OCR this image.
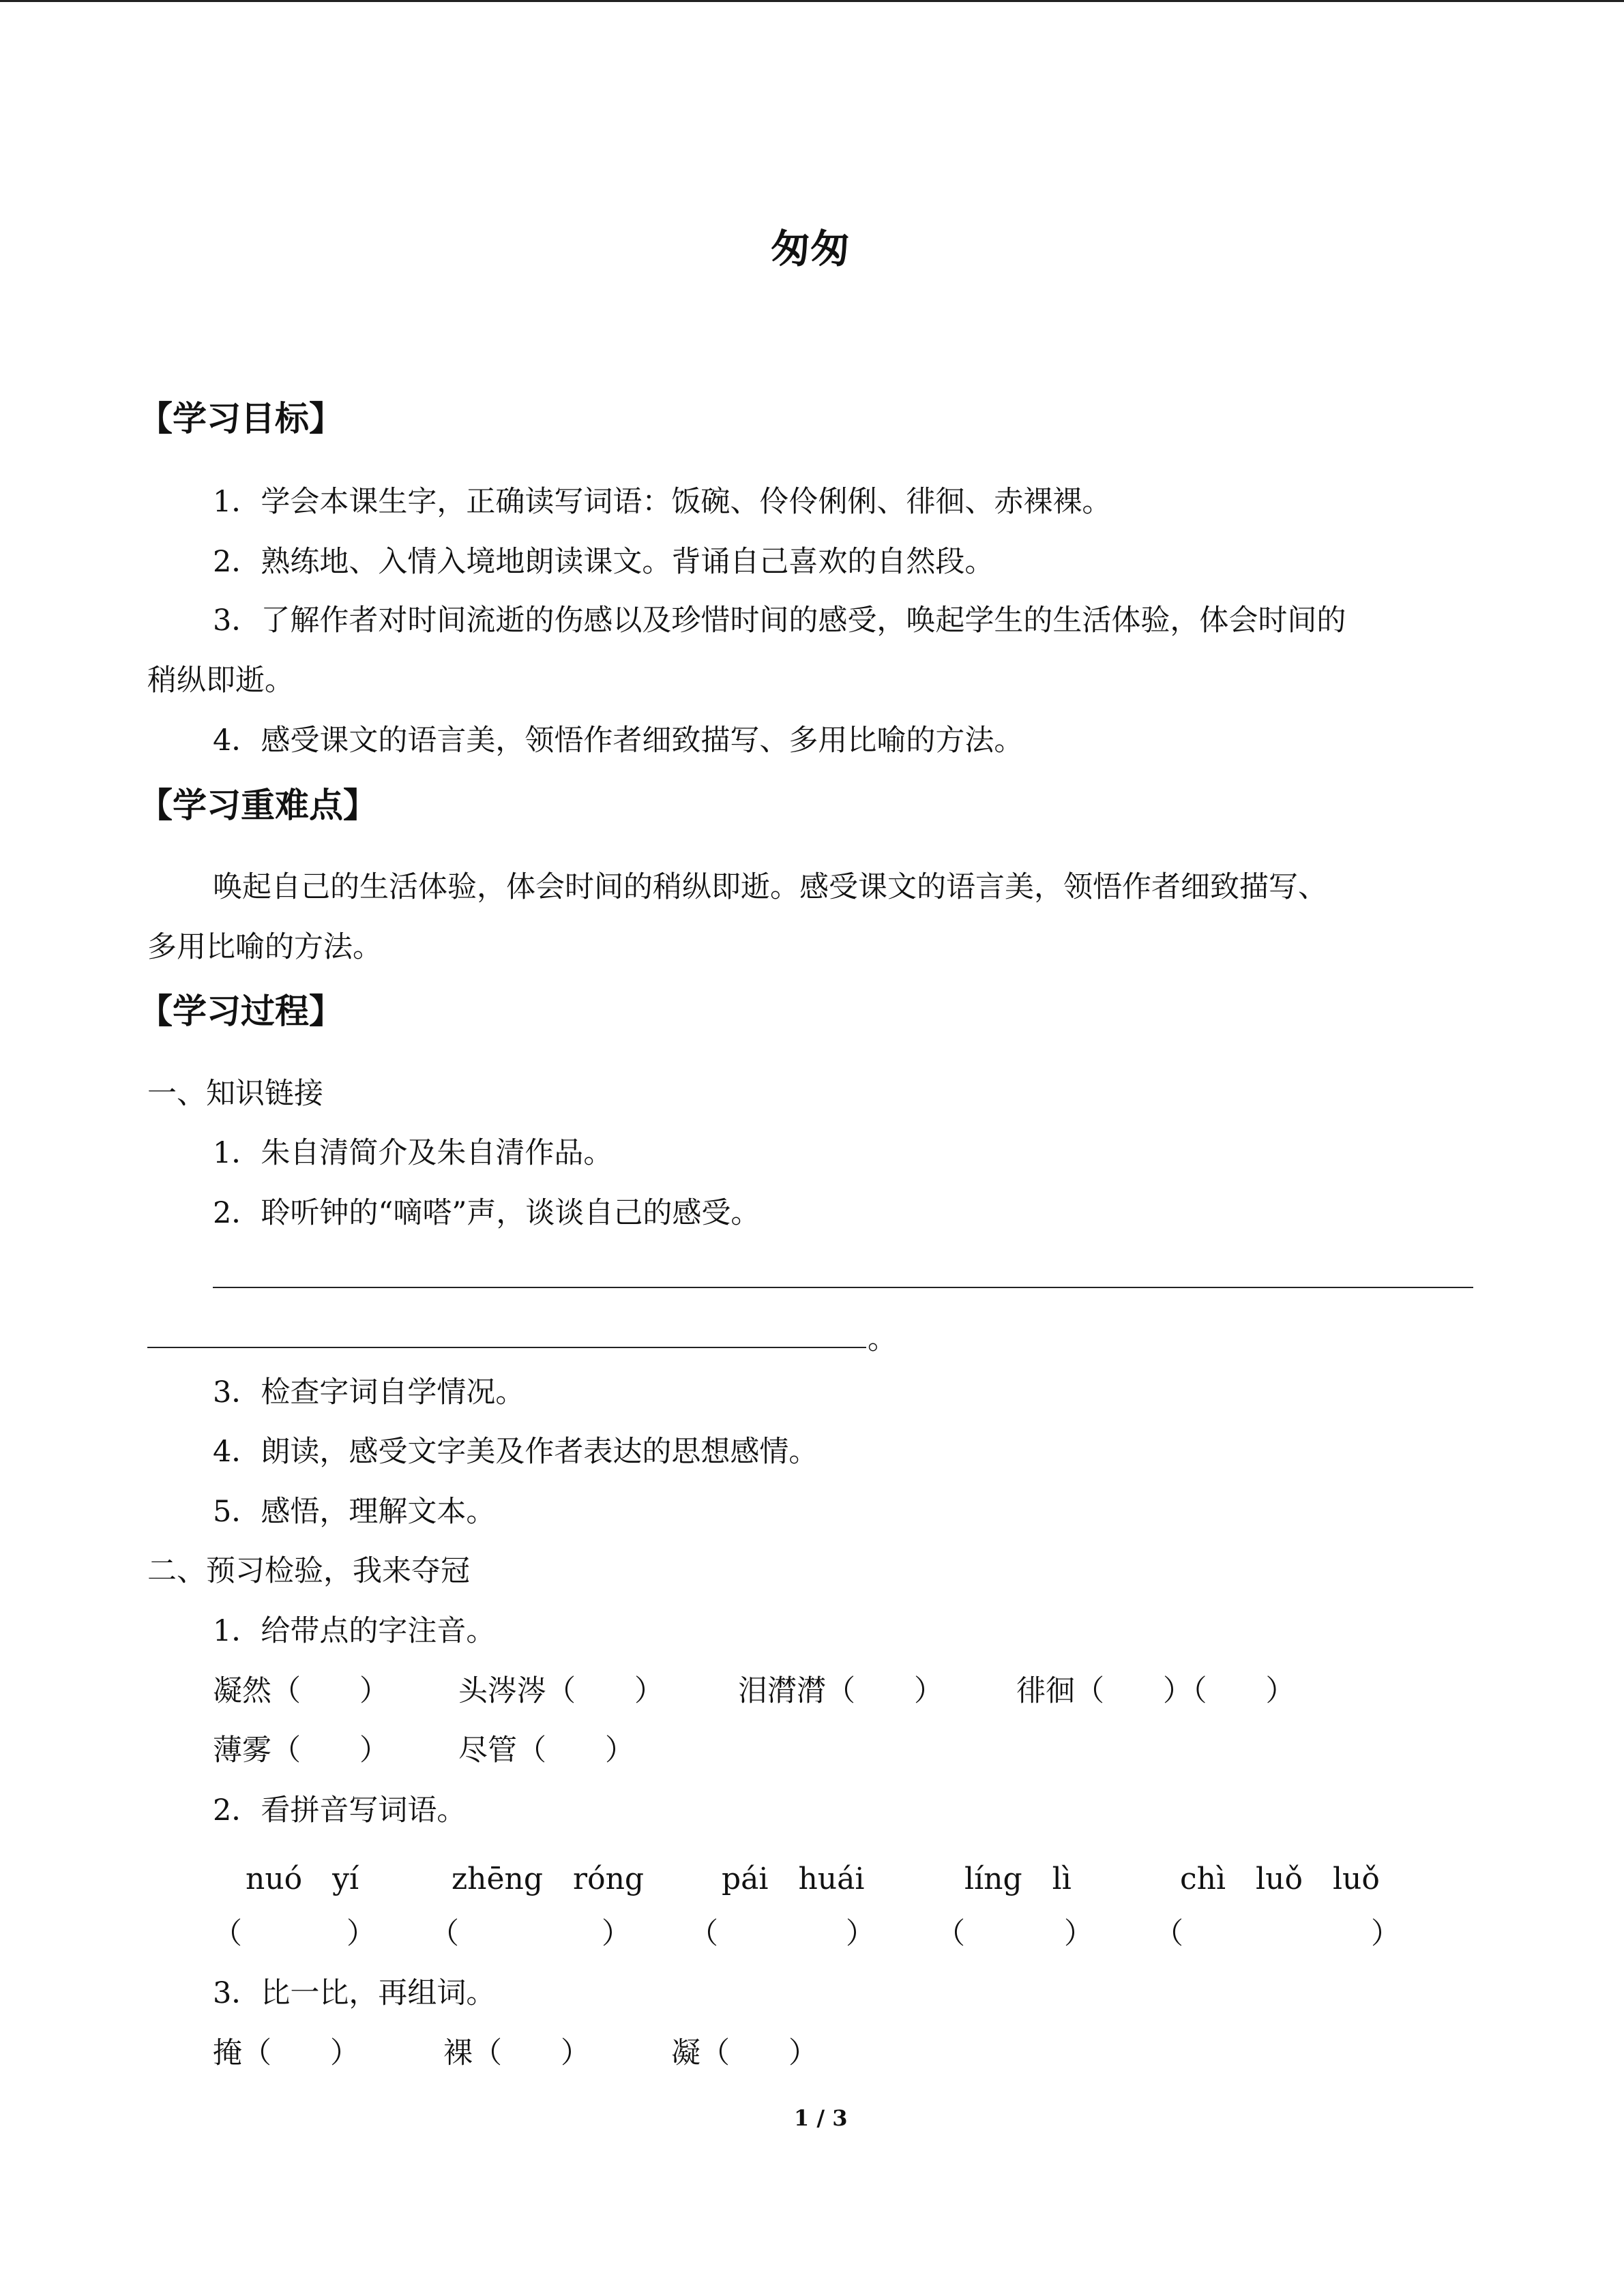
匆匆
【学习目标】
1．学会本课生字，正确读写词语：饭碗、伶伶俐俐、徘徊、赤裸裸。
2．熟练地、入情入境地朗读课文。背诵自己喜欢的自然段。
3．了解作者对时间流逝的伤感以及珍惜时间的感受，唤起学生的生活体验，体会时间的
稍纵即逝。
4．感受课文的语言美，领悟作者细致描写、多用比喻的方法。
【学习重难点】
唤起自己的生活体验，体会时间的稍纵即逝。感受课文的语言美，领悟作者细致描写、
多用比喻的方法。
【学习过程】
一、知识链接
1．朱自清简介及朱自清作品。
2．聆听钟的“嘀嗒”声，谈谈自己的感受。
。
3．检查字词自学情况。
4．朗读，感受文字美及作者表达的思想感情。
5．感悟，理解文本。
二、预习检验，我来夺冠
1．给带点的字注音。
凝然（　　） 头涔涔（　　）	泪潸潸（　　） 徘徊（　　）（　　）
薄雾（　　） 尽管（　　）
2．看拼音写词语。
nuó　yí	zhēng　róng	pái　huái	líng　lì	chì　luǒ　luǒ
（	） （	） （	） （	） （	）
3．比一比，再组词。
掩（　　）	裸（　　）	凝（　　）
1 / 3
